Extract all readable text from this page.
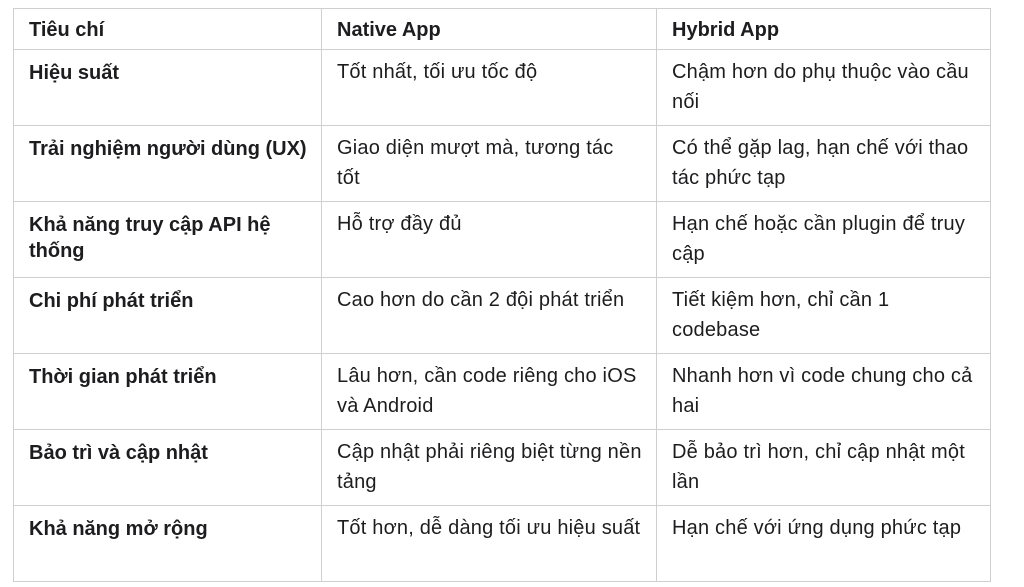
Tiêu chí	Native App	Hybrid App
Hiệu suất	Tốt nhất, tối ưu tốc độ	Chậm hơn do phụ thuộc vào cầu nối
Trải nghiệm người dùng (UX)	Giao diện mượt mà, tương tác tốt	Có thể gặp lag, hạn chế với thao tác phức tạp
Khả năng truy cập API hệ thống	Hỗ trợ đầy đủ	Hạn chế hoặc cần plugin để truy cập
Chi phí phát triển	Cao hơn do cần 2 đội phát triển	Tiết kiệm hơn, chỉ cần 1 codebase
Thời gian phát triển	Lâu hơn, cần code riêng cho iOS và Android	Nhanh hơn vì code chung cho cả hai
Bảo trì và cập nhật	Cập nhật phải riêng biệt từng nền tảng	Dễ bảo trì hơn, chỉ cập nhật một lần
Khả năng mở rộng	Tốt hơn, dễ dàng tối ưu hiệu suất	Hạn chế với ứng dụng phức tạp
